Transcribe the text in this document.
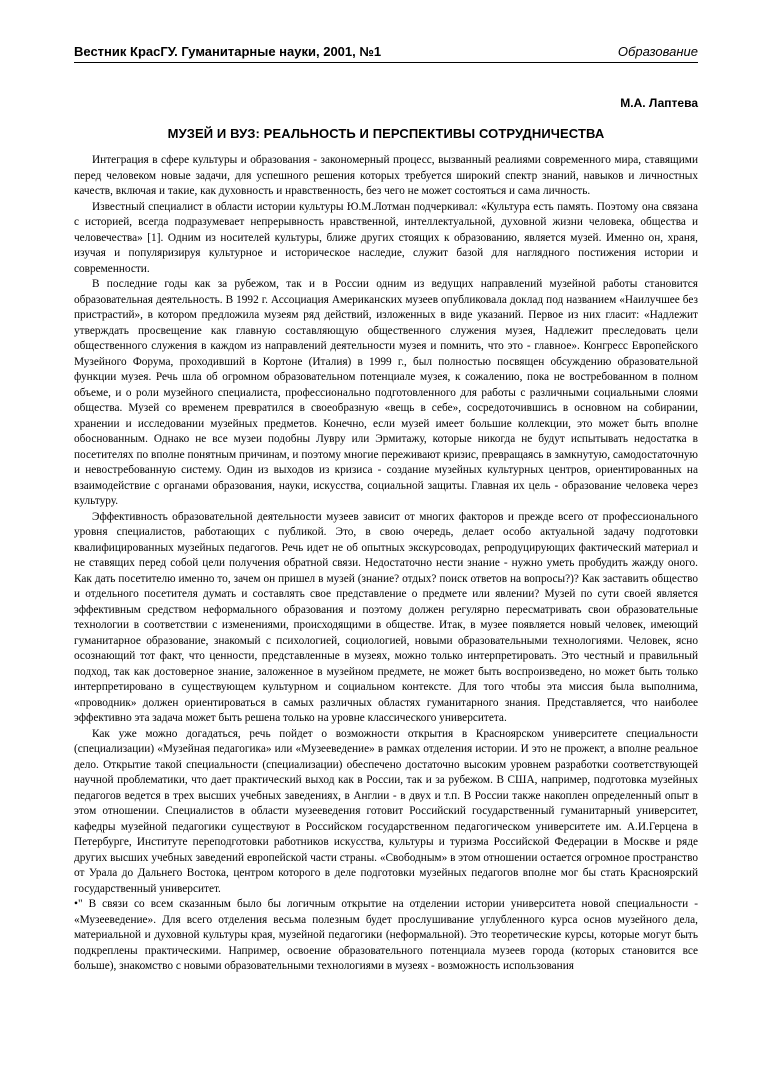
Вестник КрасГУ. Гуманитарные науки, 2001, №1	Образование
М.А. Лаптева
МУЗЕЙ И ВУЗ: РЕАЛЬНОСТЬ И ПЕРСПЕКТИВЫ СОТРУДНИЧЕСТВА

Интеграция в сфере культуры и образования - закономерный процесс, вызванный реалиями современного мира, ставящими перед человеком новые задачи, для успешного решения которых требуется широкий спектр знаний, навыков и личностных качеств, включая и такие, как духовность и нравственность, без чего не может состояться и сама личность.

Известный специалист в области истории культуры Ю.М.Лотман подчеркивал: «Культура есть память. Поэтому она связана с историей, всегда подразумевает непрерывность нравственной, интеллектуальной, духовной жизни человека, общества и человечества» [1]. Одним из носителей культуры, ближе других стоящих к образованию, является музей. Именно он, храня, изучая и популяризируя культурное и историческое наследие, служит базой для наглядного постижения истории и современности.

В последние годы как за рубежом, так и в России одним из ведущих направлений музейной работы становится образовательная деятельность. В 1992 г. Ассоциация Американских музеев опубликовала доклад под названием «Наилучшее без пристрастий», в котором предложила музеям ряд действий, изложенных в виде указаний. Первое из них гласит: «Надлежит утверждать просвещение как главную составляющую общественного служения музея, Надлежит преследовать цели общественного служения в каждом из направлений деятельности музея и помнить, что это - главное». Конгресс Европейского Музейного Форума, проходивший в Кортоне (Италия) в 1999 г., был полностью посвящен обсуждению образовательной функции музея. Речь шла об огромном образовательном потенциале музея, к сожалению, пока не востребованном в полном объеме, и о роли музейного специалиста, профессионально подготовленного для работы с различными социальными слоями общества. Музей со временем превратился в своеобразную «вещь в себе», сосредоточившись в основном на собирании, хранении и исследовании музейных предметов. Конечно, если музей имеет большие коллекции, это может быть вполне обоснованным. Однако не все музеи подобны Лувру или Эрмитажу, которые никогда не будут испытывать недостатка в посетителях по вполне понятным причинам, и поэтому многие переживают кризис, превращаясь в замкнутую, самодостаточную и невостребованную систему. Один из выходов из кризиса - создание музейных культурных центров, ориентированных на взаимодействие с органами образования, науки, искусства, социальной защиты. Главная их цель - образование человека через культуру.

Эффективность образовательной деятельности музеев зависит от многих факторов и прежде всего от профессионального уровня специалистов, работающих с публикой. Это, в свою очередь, делает особо актуальной задачу подготовки квалифицированных музейных педагогов. Речь идет не об опытных экскурсоводах, репродуцирующих фактический материал и не ставящих перед собой цели получения обратной связи. Недостаточно нести знание - нужно уметь пробудить жажду оного. Как дать посетителю именно то, зачем он пришел в музей (знание? отдых? поиск ответов на вопросы?)? Как заставить общество и отдельного посетителя думать и составлять свое представление о предмете или явлении? Музей по сути своей является эффективным средством неформального образования и поэтому должен регулярно пересматривать свои образовательные технологии в соответствии с изменениями, происходящими в обществе. Итак, в музее появляется новый человек, имеющий гуманитарное образование, знакомый с психологией, социологией, новыми образовательными технологиями. Человек, ясно осознающий тот факт, что ценности, представленные в музеях, можно только интерпретировать. Это честный и правильный подход, так как достоверное знание, заложенное в музейном предмете, не может быть воспроизведено, но может быть только интерпретировано в существующем культурном и социальном контексте. Для того чтобы эта миссия была выполнима, «проводник» должен ориентироваться в самых различных областях гуманитарного знания. Представляется, что наиболее эффективно эта задача может быть решена только на уровне классического университета.

Как уже можно догадаться, речь пойдет о возможности открытия в Красноярском университете специальности (специализации) «Музейная педагогика» или «Музееведение» в рамках отделения истории. И это не прожект, а вполне реальное дело. Открытие такой специальности (специализации) обеспечено достаточно высоким уровнем разработки соответствующей научной проблематики, что дает практический выход как в России, так и за рубежом. В США, например, подготовка музейных педагогов ведется в трех высших учебных заведениях, в Англии - в двух и т.п. В России также накоплен определенный опыт в этом отношении. Специалистов в области музееведения готовит Российский государственный гуманитарный университет, кафедры музейной педагогики существуют в Российском государственном педагогическом университете им. А.И.Герцена в Петербурге, Институте переподготовки работников искусства, культуры и туризма Российской Федерации в Москве и ряде других высших учебных заведений европейской части страны. «Свободным» в этом отношении остается огромное пространство от Урала до Дальнего Востока, центром которого в деле подготовки музейных педагогов вполне мог бы стать Красноярский государственный университет.

•" В связи со всем сказанным было бы логичным открытие на отделении истории университета новой специальности - «Музееведение». Для всего отделения весьма полезным будет прослушивание углубленного курса основ музейного дела, материальной и духовной культуры края, музейной педагогики (неформальной). Это теоретические курсы, которые могут быть подкреплены практическими. Например, освоение образовательного потенциала музеев города (которых становится все больше), знакомство с новыми образовательными технологиями в музеях - возможность использования
